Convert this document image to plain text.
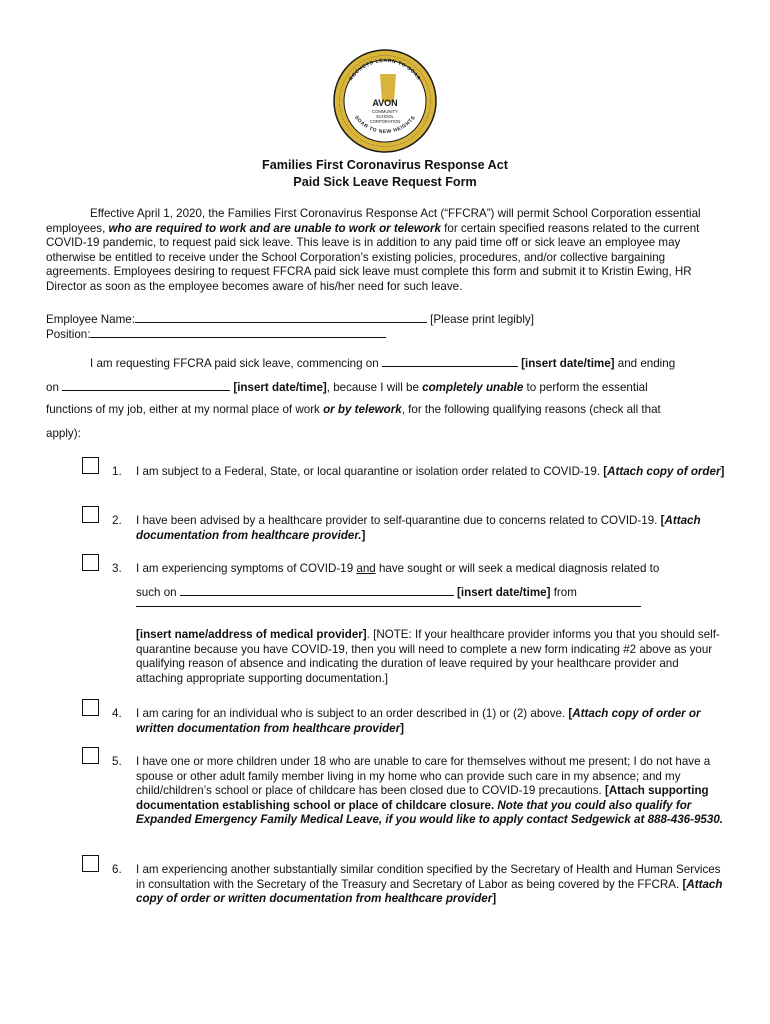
AVON
COMMUNITY
SCHOOL
CORPORATION
ROCKETS LEARN TO SOAR
SOAR TO NEW HEIGHTS
Families First Coronavirus Response Act
Paid Sick Leave Request Form
Effective April 1, 2020, the Families First Coronavirus Response Act (“FFCRA”) will permit School Corporation essential employees, who are required to work and are unable to work or telework for certain specified reasons related to the current COVID-19 pandemic, to request paid sick leave. This leave is in addition to any paid time off or sick leave an employee may otherwise be entitled to receive under the School Corporation’s existing policies, procedures, and/or collective bargaining agreements. Employees desiring to request FFCRA paid sick leave must complete this form and submit it to Kristin Ewing, HR Director as soon as the employee becomes aware of his/her need for such leave.
Employee Name:	[Please print legibly]
Position:
I am requesting FFCRA paid sick leave, commencing on	[insert date/time] and ending
on	[insert date/time], because I will be completely unable to perform the essential
functions of my job, either at my normal place of work or by telework, for the following qualifying reasons (check all that
apply):
1.	I am subject to a Federal, State, or local quarantine or isolation order related to COVID-19. [Attach copy of order]
2.	I have been advised by a healthcare provider to self-quarantine due to concerns related to COVID-19. [Attach documentation from healthcare provider.]
3.	I am experiencing symptoms of COVID-19 and have sought or will seek a medical diagnosis related to
such on	[insert date/time] from
[insert name/address of medical provider]. [NOTE: If your healthcare provider informs you that you should self-quarantine because you have COVID-19, then you will need to complete a new form indicating #2 above as your qualifying reason of absence and indicating the duration of leave required by your healthcare provider and attaching appropriate supporting documentation.]
4.	I am caring for an individual who is subject to an order described in (1) or (2) above. [Attach copy of order or written documentation from healthcare provider]
5.	I have one or more children under 18 who are unable to care for themselves without me present; I do not have a spouse or other adult family member living in my home who can provide such care in my absence; and my child/children’s school or place of childcare has been closed due to COVID-19 precautions. [Attach supporting documentation establishing school or place of childcare closure. Note that you could also qualify for Expanded Emergency Family Medical Leave, if you would like to apply contact Sedgewick at 888-436-9530.
6.	I am experiencing another substantially similar condition specified by the Secretary of Health and Human Services in consultation with the Secretary of the Treasury and Secretary of Labor as being covered by the FFCRA. [Attach copy of order or written documentation from healthcare provider]
